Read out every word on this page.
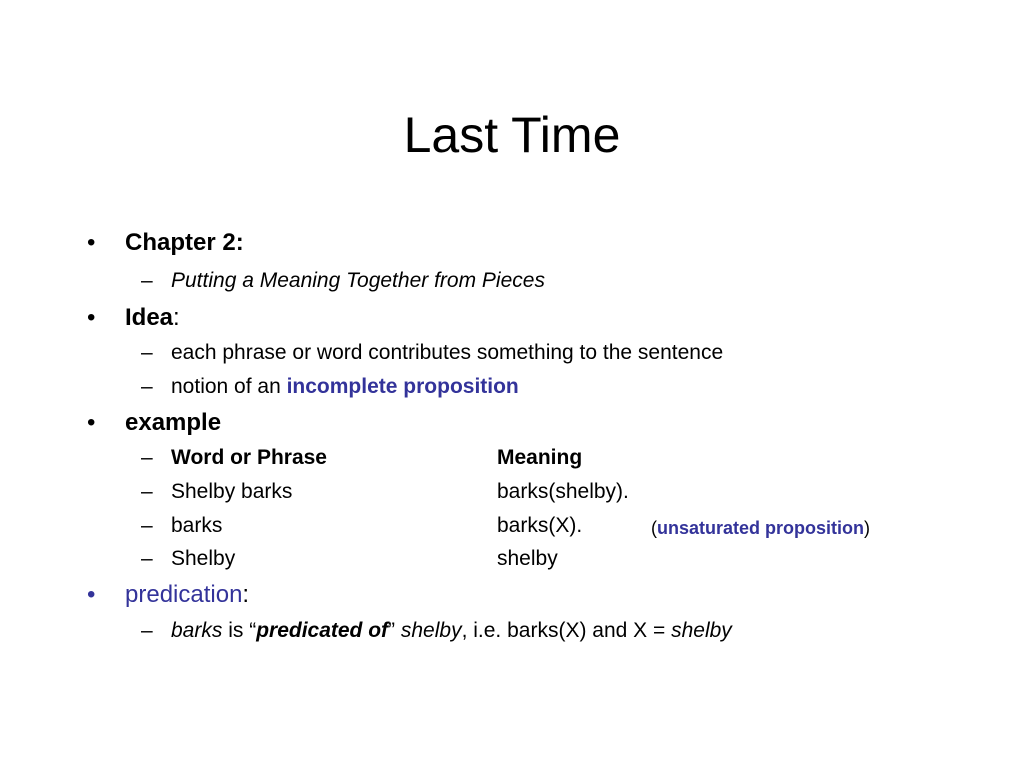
Last Time
• Chapter 2:
– Putting a Meaning Together from Pieces
• Idea:
– each phrase or word contributes something to the sentence
– notion of an incomplete proposition
• example
– Word or Phrase	Meaning
– Shelby barks	barks(shelby).
– barks	barks(X).	(unsaturated proposition)
– Shelby	shelby
• predication:
– barks is “predicated of” shelby, i.e. barks(X) and X = shelby
